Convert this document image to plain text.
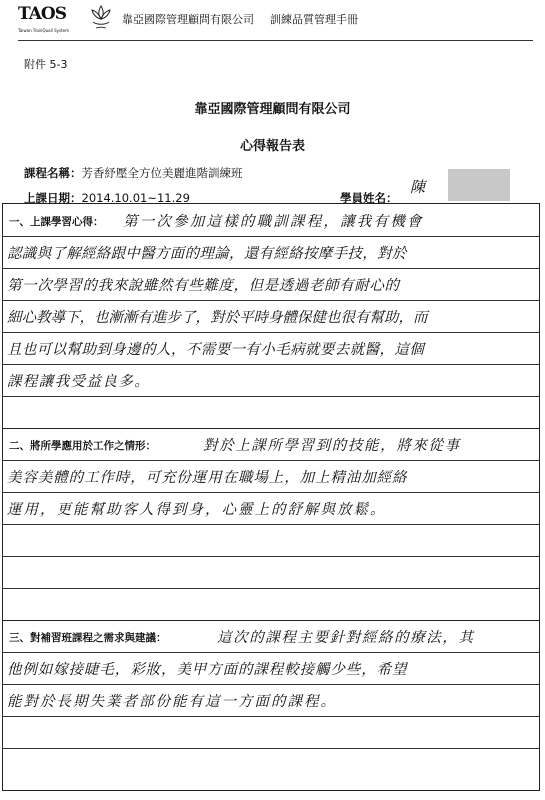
TAOS
Taiwan TrainQuali System
靠亞國際管理顧問有限公司 訓練品質管理手冊
附件 5-3
靠亞國際管理顧問有限公司
心得報告表
課程名稱：芳香紓壓全方位美麗進階訓練班
上課日期：2014.10.01~11.29	學員姓名：
陳
一、上課學習心得： 第一次參加這樣的職訓課程，讓我有機會
認識與了解經絡跟中醫方面的理論，還有經絡按摩手技，對於
第一次學習的我來說雖然有些難度，但是透過老師有耐心的
細心教導下，也漸漸有進步了，對於平時身體保健也很有幫助，而
且也可以幫助到身邊的人，不需要一有小毛病就要去就醫，這個
課程讓我受益良多。
二、將所學應用於工作之情形：	對於上課所學習到的技能，將來從事
美容美體的工作時，可充份運用在職場上，加上精油加經絡
運用，更能幫助客人得到身，心靈上的舒解與放鬆。
三、對補習班課程之需求與建議：	這次的課程主要針對經絡的療法，其
他例如嫁接睫毛，彩妝，美甲方面的課程較接觸少些，希望
能對於長期失業者部份能有這一方面的課程。
